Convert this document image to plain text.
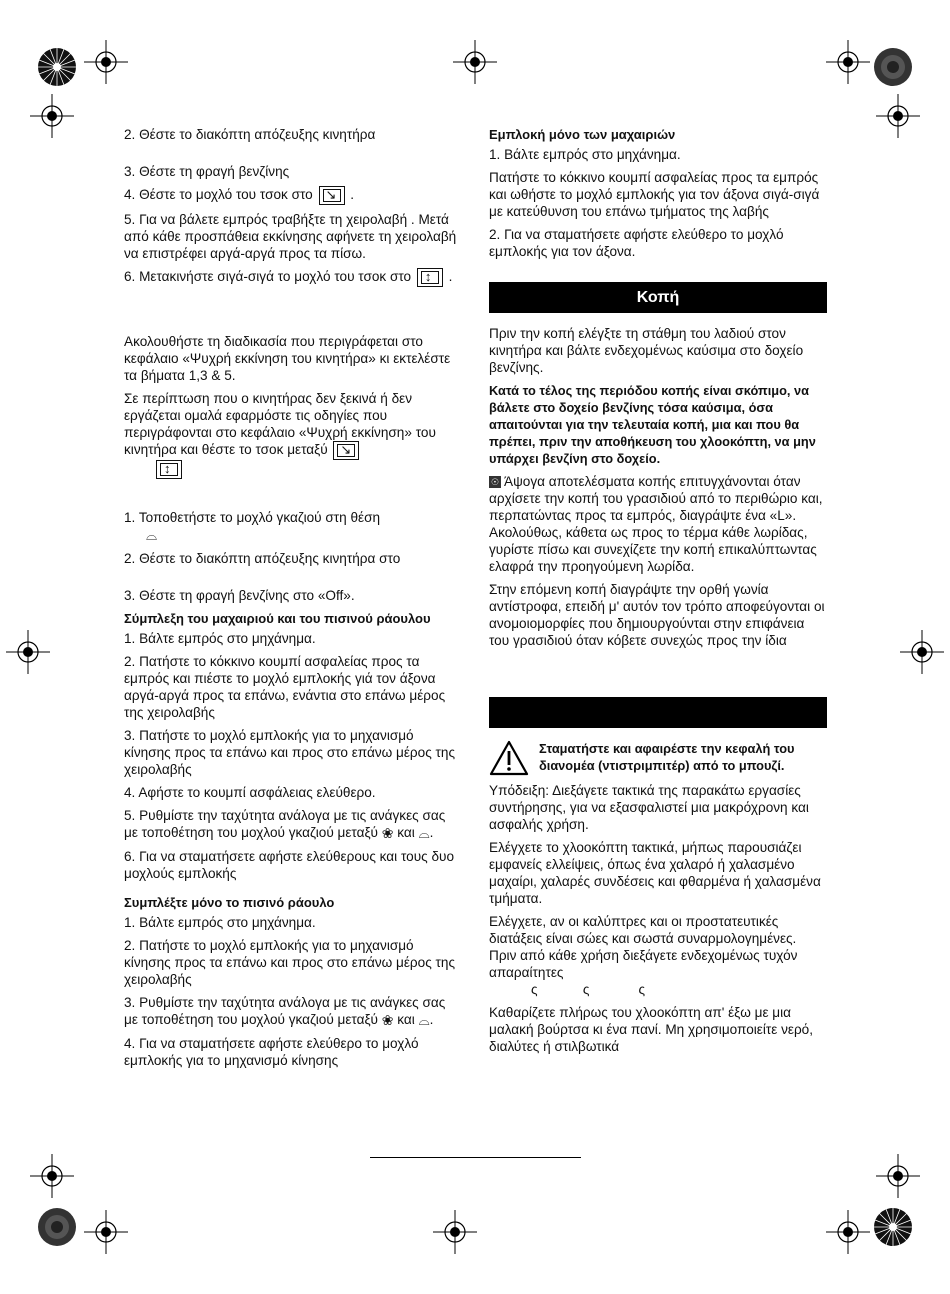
2. Θέστε το διακόπτη απόζευξης κινητήρα

3. Θέστε τη φραγή βενζίνης

4. Θέστε το μοχλό του τσοκ στο ↘ .

5. Για να βάλετε εμπρός τραβήξτε τη χειρολαβή . Μετά από κάθε προσπάθεια εκκίνησης αφήνετε τη χειρολαβή να επιστρέφει αργά-αργά προς τα πίσω.

6. Μετακινήστε σιγά-σιγά το μοχλό του τσοκ στο ↕ .

Ακολουθήστε τη διαδικασία που περιγράφεται στο κεφάλαιο «Ψυχρή εκκίνηση του κινητήρα» κι εκτελέστε τα βήματα 1,3 & 5.

Σε περίπτωση που ο κινητήρας δεν ξεκινά ή δεν εργάζεται ομαλά εφαρμόστε τις οδηγίες που περιγράφονται στο κεφάλαιο «Ψυχρή εκκίνηση» του κινητήρα και θέστε το τσοκ μεταξύ ↘
↕

1. Τοποθετήστε το μοχλό γκαζιού στη θέση
⌓

2. Θέστε το διακόπτη απόζευξης κινητήρα στο

3. Θέστε τη φραγή βενζίνης στο «Off».

Σύμπλεξη του μαχαιριού και του πισινού ράουλου

1. Βάλτε εμπρός στο μηχάνημα.

2. Πατήστε το κόκκινο κουμπί ασφαλείας προς τα εμπρός και πιέστε το μοχλό εμπλοκής γιά τον άξονα αργά-αργά προς τα επάνω, ενάντια στο επάνω μέρος της χειρολαβής

3. Πατήστε το μοχλό εμπλοκής για το μηχανισμό κίνησης προς τα επάνω και προς στο επάνω μέρος της χειρολαβής

4. Αφήστε το κουμπί ασφάλειας ελεύθερο.

5. Ρυθμίστε την ταχύτητα ανάλογα με τις ανάγκες σας με τοποθέτηση του μοχλού γκαζιού μεταξύ ❀ και ⌓.

6. Για να σταματήσετε αφήστε ελεύθερους και τους δυο μοχλούς εμπλοκής

Συμπλέξτε μόνο το πισινό ράουλο

1. Βάλτε εμπρός στο μηχάνημα.

2. Πατήστε το μοχλό εμπλοκής για το μηχανισμό κίνησης προς τα επάνω και προς στο επάνω μέρος της χειρολαβής

3. Ρυθμίστε την ταχύτητα ανάλογα με τις ανάγκες σας με τοποθέτηση του μοχλού γκαζιού μεταξύ ❀ και ⌓.

4. Για να σταματήσετε αφήστε ελεύθερο το μοχλό εμπλοκής για το μηχανισμό κίνησης

Εμπλοκή μόνο των μαχαιριών

1. Βάλτε εμπρός στο μηχάνημα.

Πατήστε το κόκκινο κουμπί ασφαλείας προς τα εμπρός και ωθήστε το μοχλό εμπλοκής για τον άξονα σιγά-σιγά με κατεύθυνση του επάνω τμήματος της λαβής

2. Για να σταματήσετε αφήστε ελεύθερο το μοχλό εμπλοκής για τον άξονα.

Κοπή

Πριν την κοπή ελέγξτε τη στάθμη του λαδιού στον κινητήρα και βάλτε ενδεχομένως καύσιμα στο δοχείο βενζίνης.

Κατά το τέλος της περιόδου κοπής είναι σκόπιμο, να βάλετε στο δοχείο βενζίνης τόσα καύσιμα, όσα απαιτούνται για την τελευταία κοπή, μια και που θα πρέπει, πριν την αποθήκευση του χλοοκόπτη, να μην υπάρχει βενζίνη στο δοχείο.

☉ Άψογα αποτελέσματα κοπής επιτυγχάνονται όταν αρχίσετε την κοπή του γρασιδιού από το περιθώριο και, περπατώντας προς τα εμπρός, διαγράψτε ένα «L». Ακολούθως, κάθετα ως προς το τέρμα κάθε λωρίδας, γυρίστε πίσω και συνεχίζετε την κοπή επικαλύπτωντας ελαφρά την προηγούμενη λωρίδα.

Στην επόμενη κοπή διαγράψτε την ορθή γωνία αντίστροφα, επειδή μ' αυτόν τον τρόπο αποφεύγονται οι ανομοιομορφίες που δημιουργούνται στην επιφάνεια του γρασιδιού όταν κόβετε συνεχώς προς την ίδια

Σταματήστε και αφαιρέστε την κεφαλή του διανομέα (ντιστριμπιτέρ) από το μπουζί.

Υπόδειξη: Διεξάγετε τακτικά της παρακάτω εργασίες συντήρησης, για να εξασφαλιστεί μια μακρόχρονη και ασφαλής χρήση.

Ελέγχετε το χλοοκόπτη τακτικά, μήπως παρουσιάζει εμφανείς ελλείψεις, όπως ένα χαλαρό ή χαλασμένο μαχαίρι, χαλαρές συνδέσεις και φθαρμένα ή χαλασμένα τμήματα.

Ελέγχετε, αν οι καλύπτρες και οι προστατευτικές διατάξεις είναι σώες και σωστά συναρμολογημένες. Πριν από κάθε χρήση διεξάγετε ενδεχομένως τυχόν απαραίτητες
ς            ς             ς

Καθαρίζετε πλήρως του χλοοκόπτη απ' έξω με μια μαλακή βούρτσα κι ένα πανί. Μη χρησιμοποιείτε νερό, διαλύτες ή στιλβωτικά
